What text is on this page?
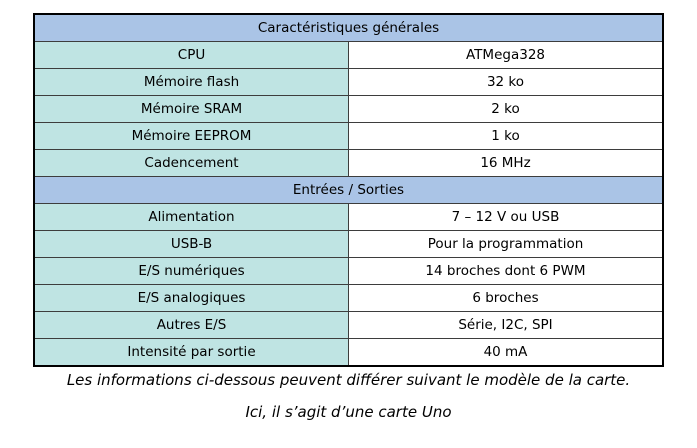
Caractéristiques générales	
CPU	ATMega328
Mémoire flash	32 ko
Mémoire SRAM	2 ko
Mémoire EEPROM	1 ko
Cadencement	16 MHz
Entrées / Sorties	
Alimentation	7 – 12 V ou USB
USB-B	Pour la programmation
E/S numériques	14 broches dont 6 PWM
E/S analogiques	6 broches
Autres E/S	Série, I2C, SPI
Intensité par sortie	40 mA

Les informations ci-dessous peuvent différer suivant le modèle de la carte.

Ici, il s’agit d’une carte Uno
